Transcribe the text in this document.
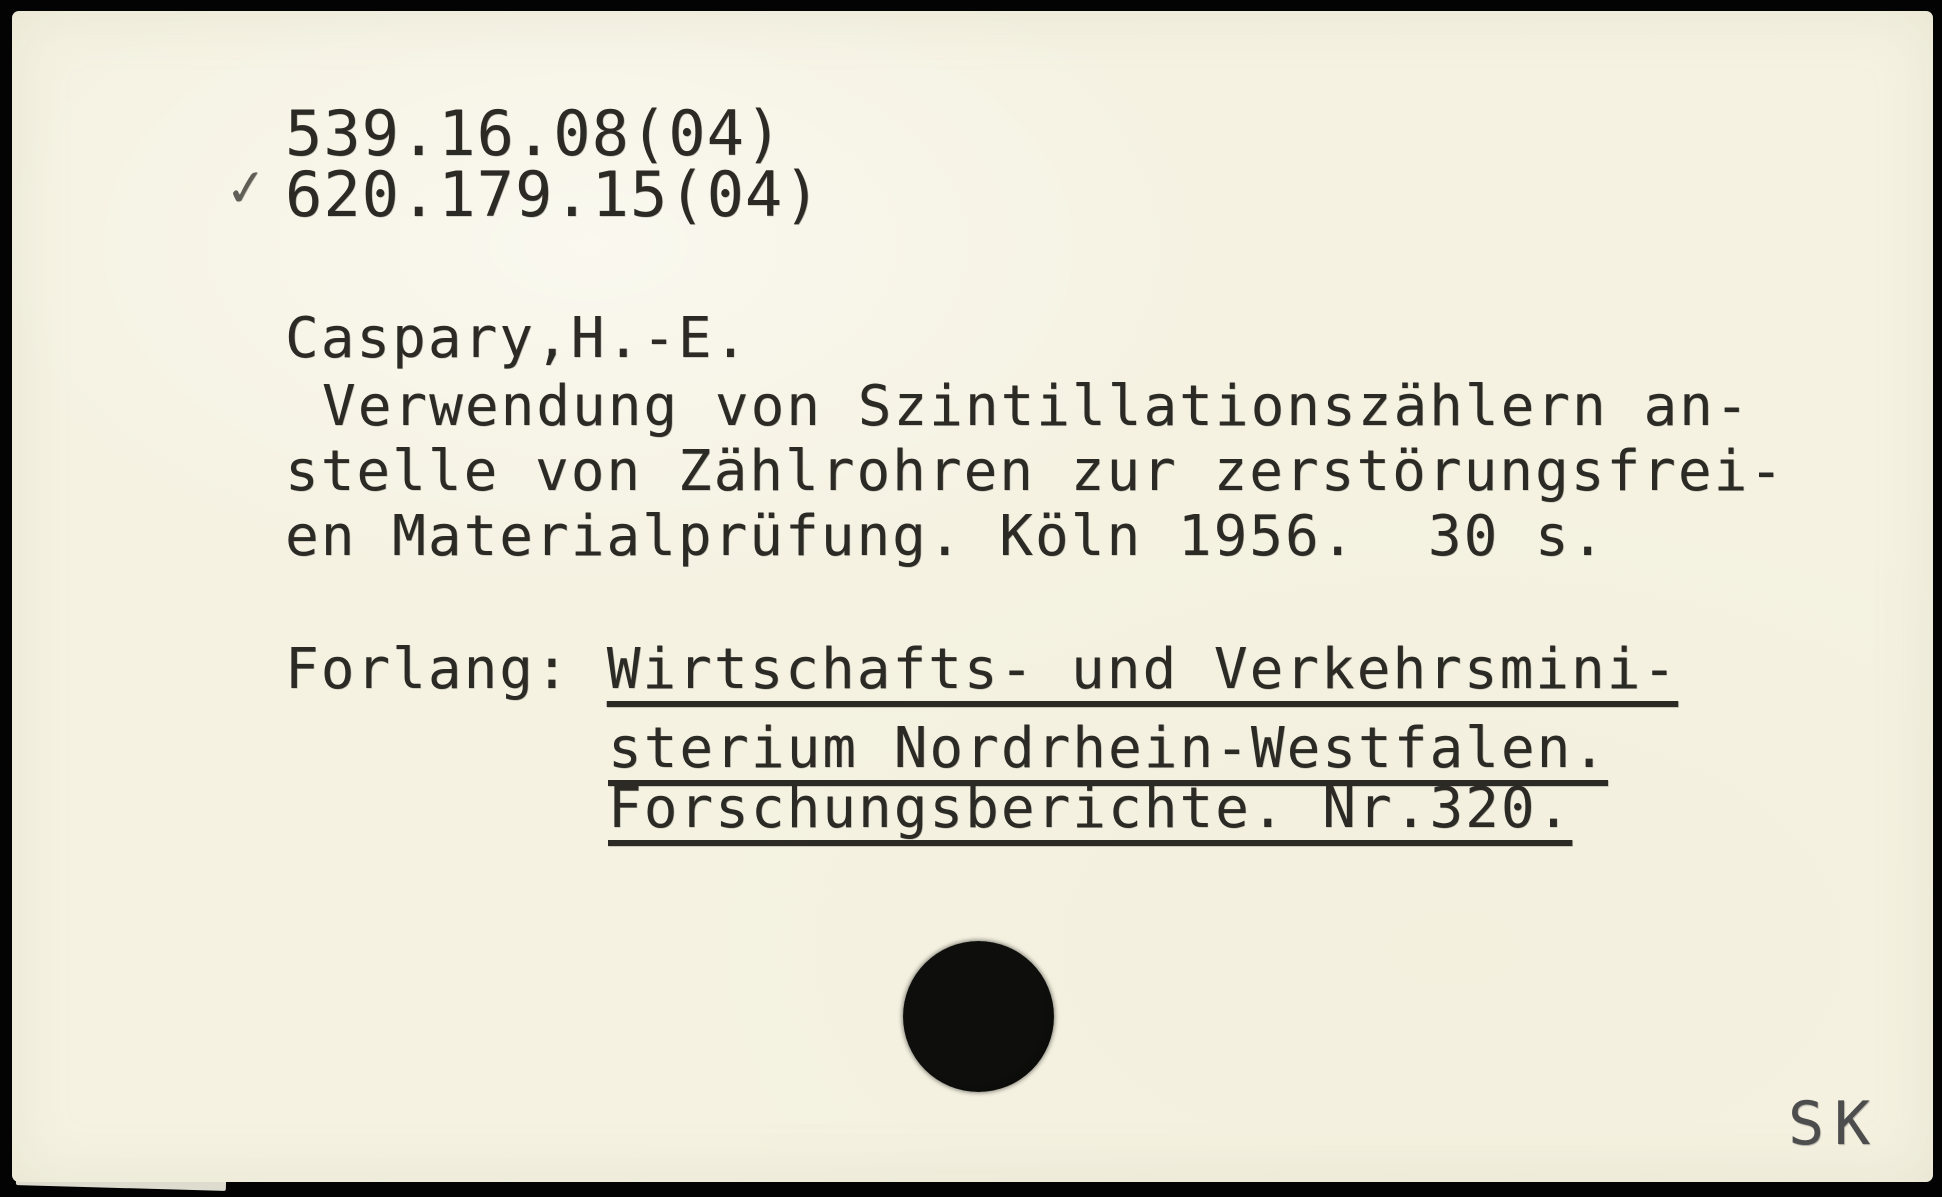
539.16.08(04)
✓ 620.179.15(04)
Caspary,H.-E.
Verwendung von Szintillationszählern an-
stelle von Zählrohren zur zerstörungsfrei-
en Materialprüfung. Köln 1956.  30 s.
Forlang: Wirtschafts- und Verkehrsmini-
sterium Nordrhein-Westfalen.
Forschungsberichte. Nr.320.
SK
